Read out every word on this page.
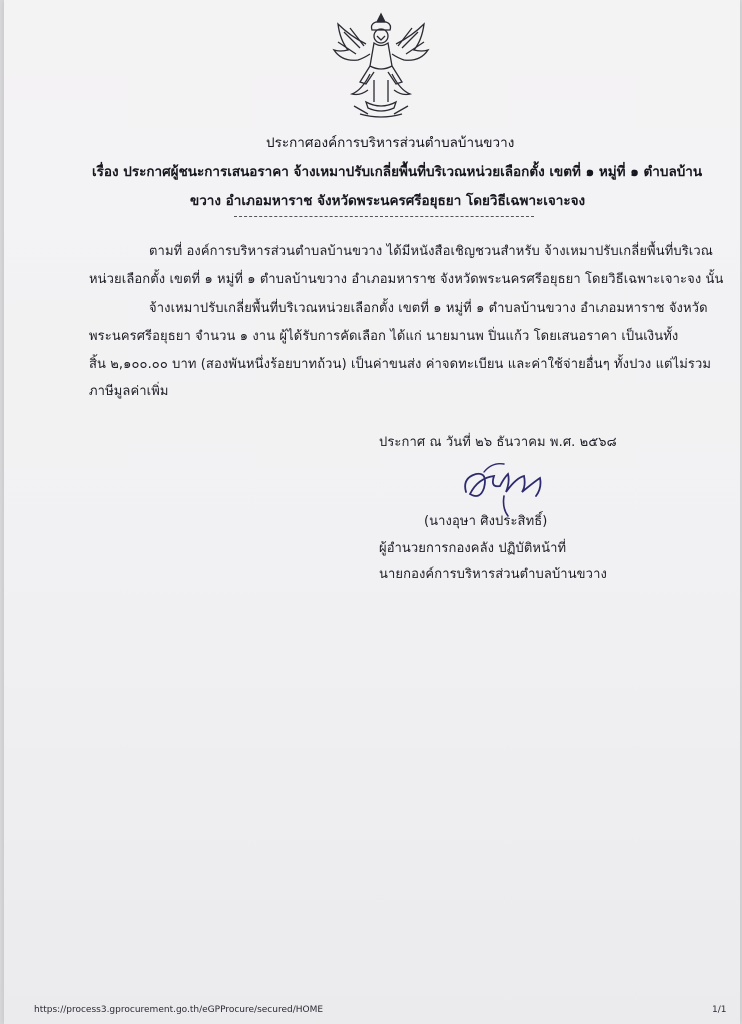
ประกาศองค์การบริหารส่วนตำบลบ้านขวาง
เรื่อง ประกาศผู้ชนะการเสนอราคา จ้างเหมาปรับเกลี่ยพื้นที่บริเวณหน่วยเลือกตั้ง เขตที่ ๑ หมู่ที่ ๑ ตำบลบ้าน
ขวาง อำเภอมหาราช จังหวัดพระนครศรีอยุธยา โดยวิธีเฉพาะเจาะจง
ตามที่ องค์การบริหารส่วนตำบลบ้านขวาง ได้มีหนังสือเชิญชวนสำหรับ จ้างเหมาปรับเกลี่ยพื้นที่บริเวณ
หน่วยเลือกตั้ง เขตที่ ๑ หมู่ที่ ๑ ตำบลบ้านขวาง อำเภอมหาราช จังหวัดพระนครศรีอยุธยา โดยวิธีเฉพาะเจาะจง นั้น
จ้างเหมาปรับเกลี่ยพื้นที่บริเวณหน่วยเลือกตั้ง เขตที่ ๑ หมู่ที่ ๑ ตำบลบ้านขวาง อำเภอมหาราช จังหวัด
พระนครศรีอยุธยา จำนวน ๑ งาน ผู้ได้รับการคัดเลือก ได้แก่ นายมานพ ปิ่นแก้ว โดยเสนอราคา เป็นเงินทั้ง
สิ้น ๒,๑๐๐.๐๐ บาท (สองพันหนึ่งร้อยบาทถ้วน) เป็นค่าขนส่ง ค่าจดทะเบียน และค่าใช้จ่ายอื่นๆ ทั้งปวง แต่ไม่รวม
ภาษีมูลค่าเพิ่ม
ประกาศ ณ วันที่ ๒๖ ธันวาคม พ.ศ. ๒๕๖๘
(นางอุษา ศิงประสิทธิ์)
ผู้อำนวยการกองคลัง ปฏิบัติหน้าที่
นายกองค์การบริหารส่วนตำบลบ้านขวาง
https://process3.gprocurement.go.th/eGPProcure/secured/HOME	1/1
